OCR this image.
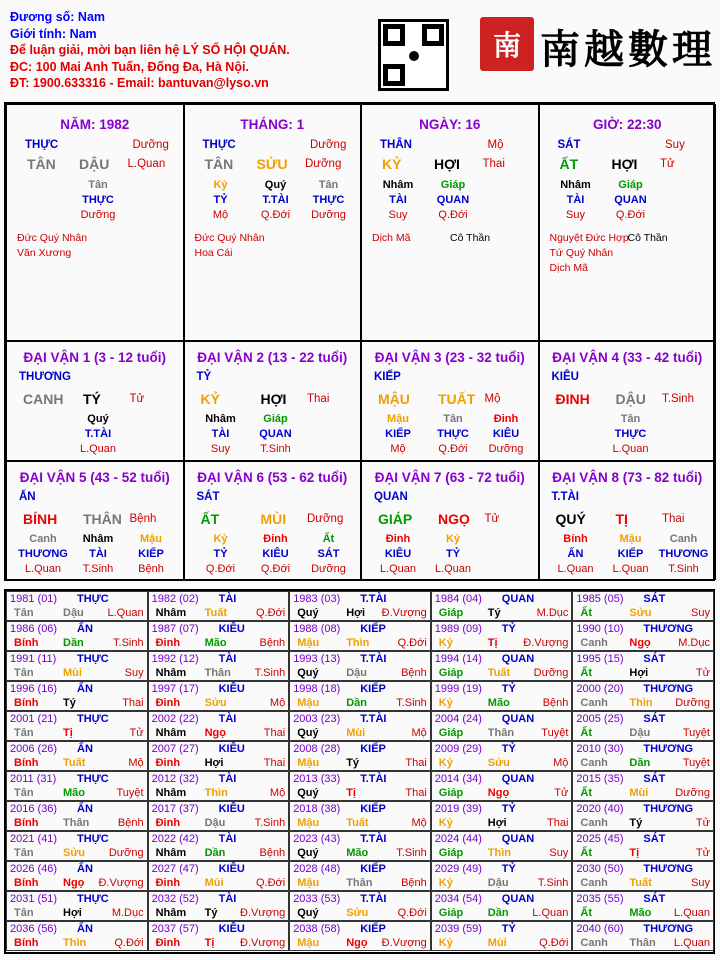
Đương số: Nam
Giới tính: Nam
Để luận giải, mời bạn liên hệ LÝ SỐ HỘI QUÁN.
ĐC: 100 Mai Anh Tuấn, Đống Đa, Hà Nội.
ĐT: 1900.633316 - Email: bantuvan@lyso.vn
南 南越數理
NĂM: 1982
THỰC	Dưỡng
TÂN DẬU L.Quan
Tân
THỰC
Dưỡng
Đức Quý Nhân
Văn Xương
THÁNG: 1
THỰC	Dưỡng
TÂN SỬU Dưỡng
Kỷ	Quý	Tân
TỶ	T.TÀI	THỰC
Mộ	Q.Đới	Dưỡng
Đức Quý Nhân
Hoa Cái
NGÀY: 16
THÂN	Mộ
KỶ HỢI Thai
Nhâm	Giáp
TÀI	QUAN
Suy	Q.Đới
Dịch Mã	Cô Thần
GIỜ: 22:30
SÁT	Suy
ẤT HỢI Tử
Nhâm	Giáp
TÀI	QUAN
Suy	Q.Đới
Nguyệt Đức Hợp
Tứ Quý Nhân
Dịch Mã
Cô Thần
ĐẠI VẬN 1 (3 - 12 tuổi)
THƯƠNG
CANH TÝ Tử
Quý
T.TÀI
L.Quan
ĐẠI VẬN 2 (13 - 22 tuổi)
TỶ
KỶ	HỢI Thai
Nhâm	Giáp
TÀI	QUAN
Suy	T.Sinh
ĐẠI VẬN 3 (23 - 32 tuổi)
KIẾP
MẬU TUẤT Mộ
Mậu	Tân	Đinh
KIẾP	THỰC	KIÊU
Mộ	Q.Đới	Dưỡng
ĐẠI VẬN 4 (33 - 42 tuổi)
KIÊU
ĐINH DẬU T.Sinh
Tân
THỰC
L.Quan
ĐẠI VẬN 5 (43 - 52 tuổi)
ẤN
BÍNH THÂN Bệnh
Canh	Nhâm	Mậu
THƯƠNG	TÀI	KIẾP
L.Quan	T.Sinh	Bệnh
ĐẠI VẬN 6 (53 - 62 tuổi)
SÁT
ẤT	MÙI Dưỡng
Kỷ	Đinh	Ất
TỶ	KIÊU	SÁT
Q.Đới	Q.Đới	Dưỡng
ĐẠI VẬN 7 (63 - 72 tuổi)
QUAN
GIÁP NGỌ Tử
Đinh	Kỷ
KIÊU	TỶ
L.Quan	L.Quan
ĐẠI VẬN 8 (73 - 82 tuổi)
T.TÀI
QUÝ TỊ	Thai
Bính	Mậu	Canh
ẤN	KIẾP	THƯƠNG
L.Quan	L.Quan	T.Sinh
1981 (01) THỰC
Tân	Dậu L.Quan
1982 (02) TÀI
Nhâm Tuất	Q.Đới
1983 (03) T.TÀI
Quý	Hợi Đ.Vượng
1984 (04) QUAN
Giáp Tý	M.Dục
1985 (05) SÁT
Ất	Sửu	Suy
1986 (06) ẤN
Bính Dần	T.Sinh
1987 (07) KIÊU
Đinh Mão	Bệnh
1988 (08) KIẾP
Mậu Thìn	Q.Đới
1989 (09) TỶ
Kỷ	Tị Đ.Vượng
1990 (10) THƯƠNG
Canh Ngọ M.Dục
1991 (11) THỰC
Tân	Mùi	Suy
1992 (12) TÀI
Nhâm Thân T.Sinh
1993 (13) T.TÀI
Quý	Dậu	Bệnh
1994 (14) QUAN
Giáp Tuất Dưỡng
1995 (15) SÁT
Ất	Hợi	Tử
1996 (16) ẤN
Bính Tý	Thai
1997 (17) KIÊU
Đinh Sửu	Mộ
1998 (18) KIẾP
Mậu Dần	T.Sinh
1999 (19) TỶ
Kỷ	Mão	Bệnh
2000 (20) THƯƠNG
Canh Thìn Dưỡng
2001 (21) THỰC
Tân	Tị	Tử
2002 (22) TÀI
Nhâm Ngọ	Thai
2003 (23) T.TÀI
Quý	Mùi	Mộ
2004 (24) QUAN
Giáp Thân Tuyệt
2005 (25) SÁT
Ất	Dậu	Tuyệt
2006 (26) ẤN
Bính Tuất	Mộ
2007 (27) KIÊU
Đinh Hợi	Thai
2008 (28) KIẾP
Mậu Tý	Thai
2009 (29) TỶ
Kỷ	Sửu	Mộ
2010 (30) THƯƠNG
Canh Dần	Tuyệt
2011 (31) THỰC
Tân	Mão	Tuyệt
2012 (32) TÀI
Nhâm Thìn	Mộ
2013 (33) T.TÀI
Quý	Tị	Thai
2014 (34) QUAN
Giáp Ngọ	Tử
2015 (35) SÁT
Ất	Mùi Dưỡng
2016 (36) ẤN
Bính Thân	Bệnh
2017 (37) KIÊU
Đinh Dậu	T.Sinh
2018 (38) KIẾP
Mậu Tuất	Mộ
2019 (39) TỶ
Kỷ	Hợi	Thai
2020 (40) THƯƠNG
Canh Tý	Tử
2021 (41) THỰC
Tân	Sửu Dưỡng
2022 (42) TÀI
Nhâm Dần	Bệnh
2023 (43) T.TÀI
Quý	Mão	T.Sinh
2024 (44) QUAN
Giáp Thìn	Suy
2025 (45) SÁT
Ất	Tị	Tử
2026 (46) ẤN
Bính Ngọ Đ.Vượng
2027 (47) KIÊU
Đinh Mùi	Q.Đới
2028 (48) KIẾP
Mậu Thân	Bệnh
2029 (49) TỶ
Kỷ	Dậu	T.Sinh
2030 (50) THƯƠNG
Canh Tuất	Suy
2031 (51) THỰC
Tân	Hợi	M.Dục
2032 (52) TÀI
Nhâm Tý Đ.Vượng
2033 (53) T.TÀI
Quý	Sửu	Q.Đới
2034 (54) QUAN
Giáp Dần L.Quan
2035 (55) SÁT
Ất	Mão L.Quan
2036 (56) ẤN
Bính Thìn	Q.Đới
2037 (57) KIÊU
Đinh Tị Đ.Vượng
2038 (58) KIẾP
Mậu Ngọ Đ.Vượng
2039 (59) TỶ
Kỷ	Mùi	Q.Đới
2040 (60) THƯƠNG
Canh Thân L.Quan
